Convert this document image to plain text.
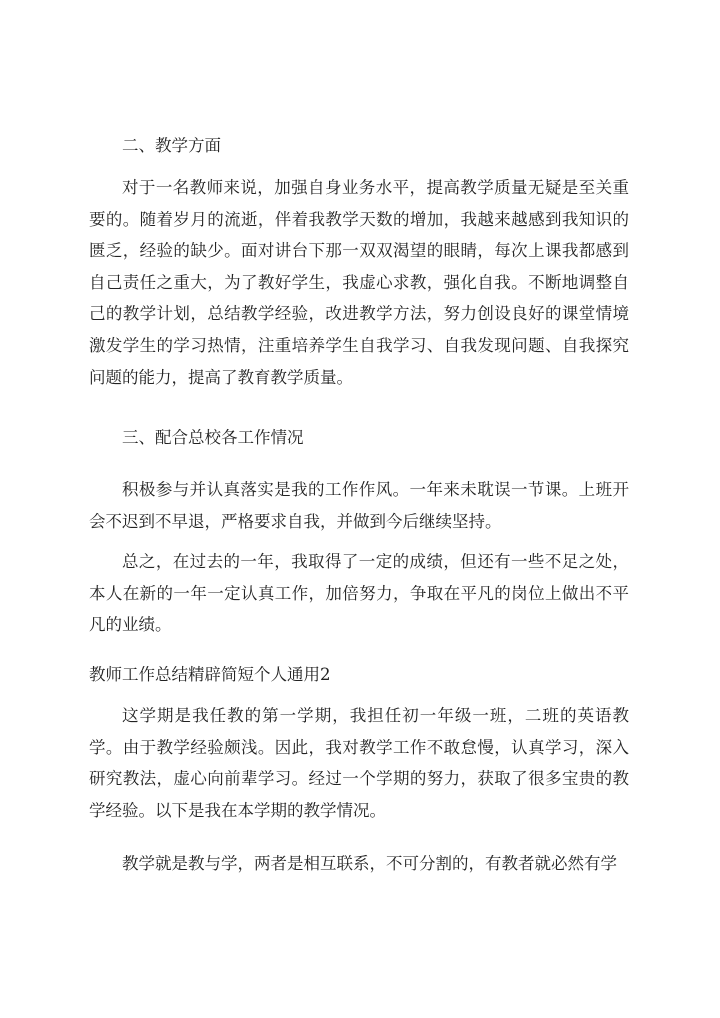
二、教学方面

对于一名教师来说，加强自身业务水平，提高教学质量无疑是至关重要的。随着岁月的流逝，伴着我教学天数的增加，我越来越感到我知识的匮乏，经验的缺少。面对讲台下那一双双渴望的眼睛，每次上课我都感到自己责任之重大，为了教好学生，我虚心求教，强化自我。不断地调整自己的教学计划，总结教学经验，改进教学方法，努力创设良好的课堂情境激发学生的学习热情，注重培养学生自我学习、自我发现问题、自我探究问题的能力，提高了教育教学质量。

三、配合总校各工作情况

积极参与并认真落实是我的工作作风。一年来未耽误一节课。上班开会不迟到不早退，严格要求自我，并做到今后继续坚持。

总之，在过去的一年，我取得了一定的成绩，但还有一些不足之处，本人在新的一年一定认真工作，加倍努力，争取在平凡的岗位上做出不平凡的业绩。

教师工作总结精辟简短个人通用2

这学期是我任教的第一学期，我担任初一年级一班，二班的英语教学。由于教学经验颇浅。因此，我对教学工作不敢怠慢，认真学习，深入研究教法，虚心向前辈学习。经过一个学期的努力，获取了很多宝贵的教学经验。以下是我在本学期的教学情况。

教学就是教与学，两者是相互联系，不可分割的，有教者就必然有学
